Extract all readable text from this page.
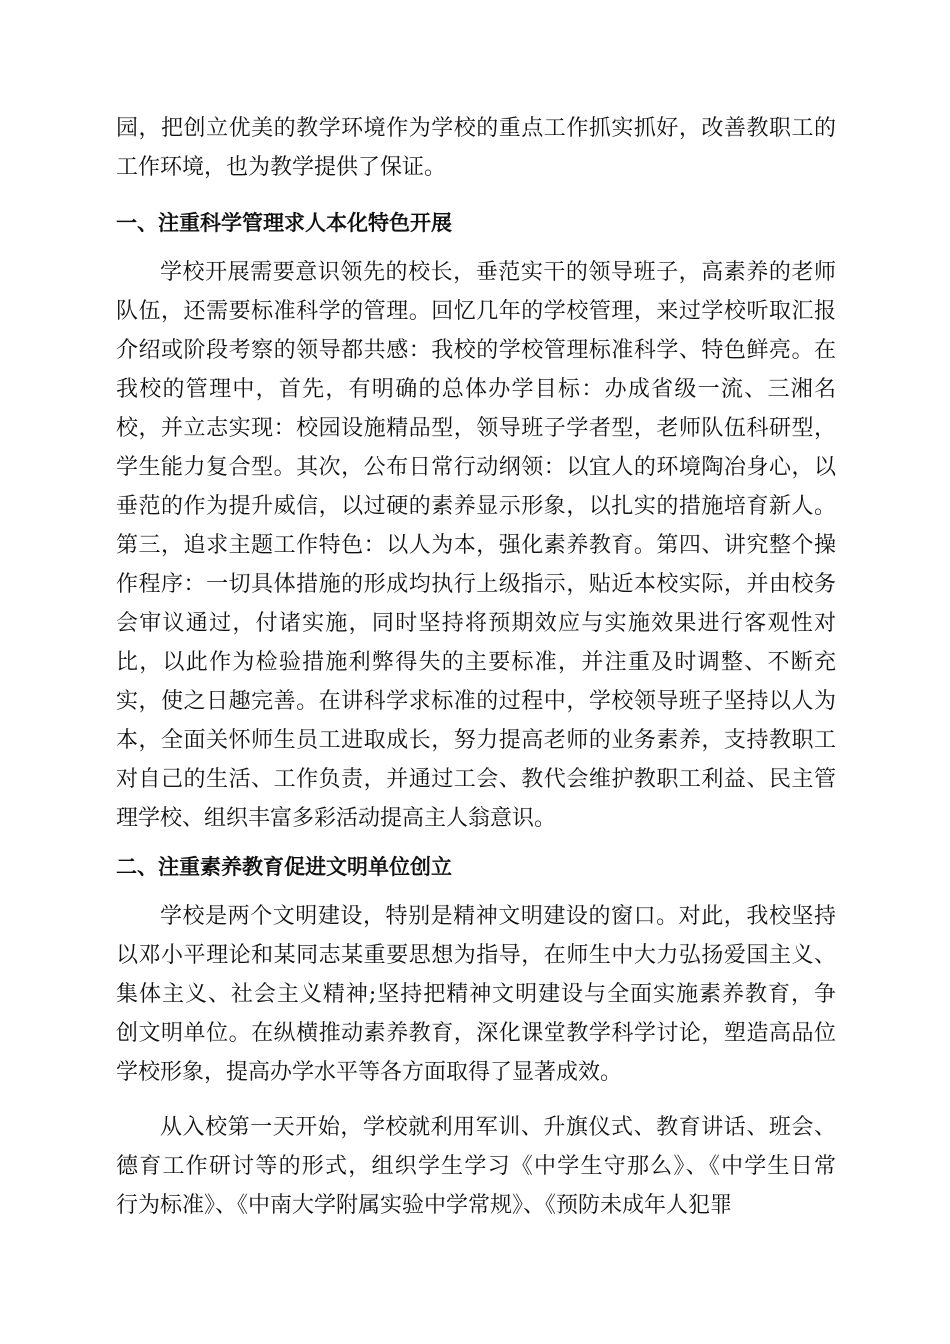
园，把创立优美的教学环境作为学校的重点工作抓实抓好，改善教职工的
工作环境，也为教学提供了保证。
一、注重科学管理求人本化特色开展
学校开展需要意识领先的校长，垂范实干的领导班子，高素养的老师
队伍，还需要标准科学的管理。回忆几年的学校管理，来过学校听取汇报
介绍或阶段考察的领导都共感：我校的学校管理标准科学、特色鲜亮。在
我校的管理中，首先，有明确的总体办学目标：办成省级一流、三湘名
校，并立志实现：校园设施精品型，领导班子学者型，老师队伍科研型，
学生能力复合型。其次，公布日常行动纲领：以宜人的环境陶冶身心，以
垂范的作为提升威信，以过硬的素养显示形象，以扎实的措施培育新人。
第三，追求主题工作特色：以人为本，强化素养教育。第四、讲究整个操
作程序：一切具体措施的形成均执行上级指示，贴近本校实际，并由校务
会审议通过，付诸实施，同时坚持将预期效应与实施效果进行客观性对
比，以此作为检验措施利弊得失的主要标准，并注重及时调整、不断充
实，使之日趣完善。在讲科学求标准的过程中，学校领导班子坚持以人为
本，全面关怀师生员工进取成长，努力提高老师的业务素养，支持教职工
对自己的生活、工作负责，并通过工会、教代会维护教职工利益、民主管
理学校、组织丰富多彩活动提高主人翁意识。
二、注重素养教育促进文明单位创立
学校是两个文明建设，特别是精神文明建设的窗口。对此，我校坚持
以邓小平理论和某同志某重要思想为指导，在师生中大力弘扬爱国主义、
集体主义、社会主义精神;坚持把精神文明建设与全面实施素养教育，争
创文明单位。在纵横推动素养教育，深化课堂教学科学讨论，塑造高品位
学校形象，提高办学水平等各方面取得了显著成效。
从入校第一天开始，学校就利用军训、升旗仪式、教育讲话、班会、
德育工作研讨等的形式，组织学生学习《中学生守那么》、《中学生日常
行为标准》、《中南大学附属实验中学常规》、《预防未成年人犯罪
